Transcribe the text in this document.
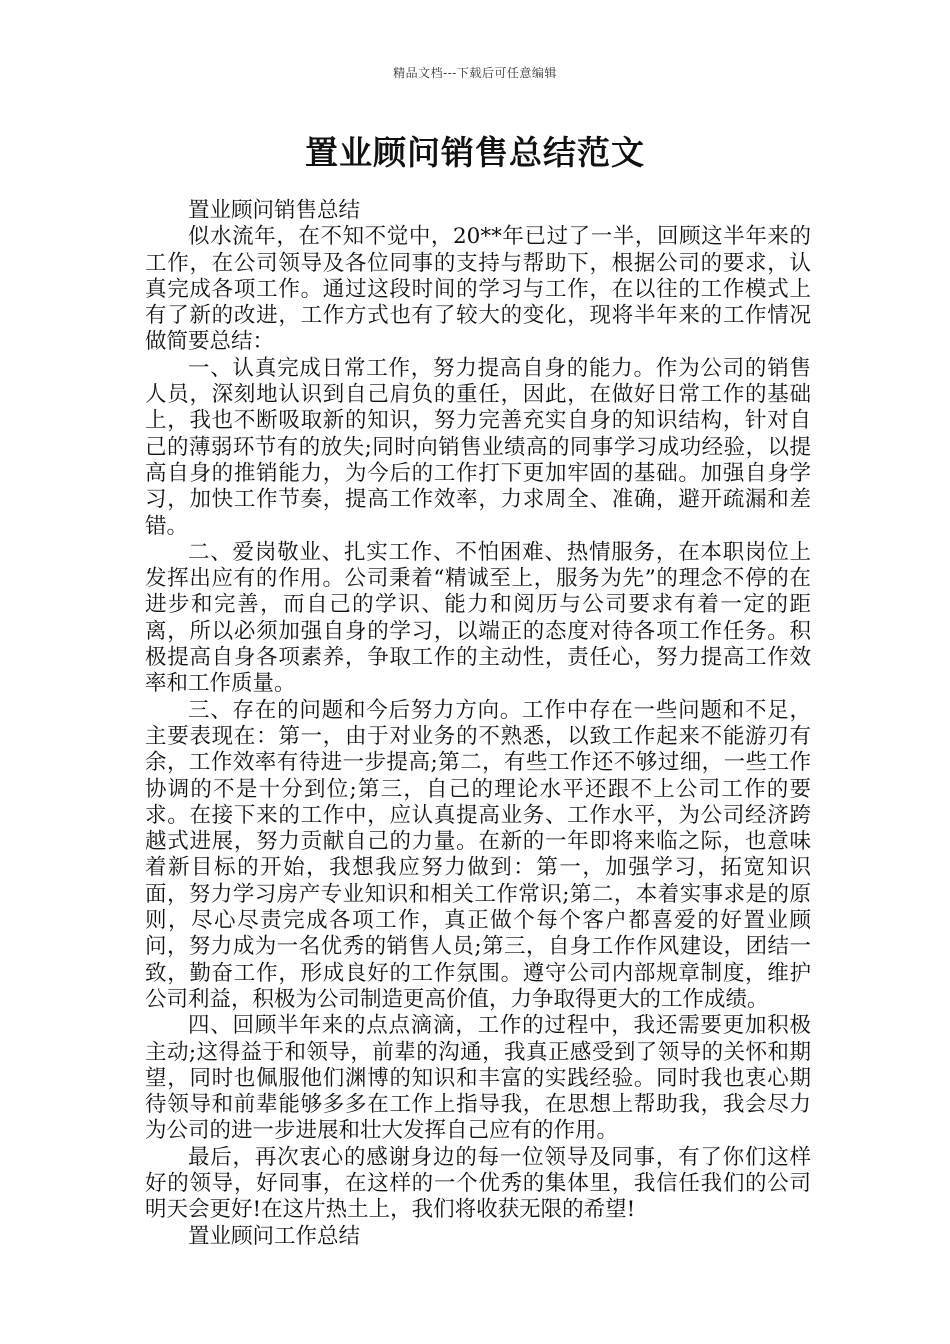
精品文档---下载后可任意编辑
置业顾问销售总结范文

置业顾问销售总结

似水流年，在不知不觉中，20**年已过了一半，回顾这半年来的工作，在公司领导及各位同事的支持与帮助下，根据公司的要求，认真完成各项工作。通过这段时间的学习与工作，在以往的工作模式上有了新的改进，工作方式也有了较大的变化，现将半年来的工作情况做简要总结：

一、认真完成日常工作，努力提高自身的能力。作为公司的销售人员，深刻地认识到自己肩负的重任，因此，在做好日常工作的基础上，我也不断吸取新的知识，努力完善充实自身的知识结构，针对自己的薄弱环节有的放失;同时向销售业绩高的同事学习成功经验，以提高自身的推销能力，为今后的工作打下更加牢固的基础。加强自身学习，加快工作节奏，提高工作效率，力求周全、准确，避开疏漏和差错。

二、爱岗敬业、扎实工作、不怕困难、热情服务，在本职岗位上发挥出应有的作用。公司秉着“精诚至上，服务为先”的理念不停的在进步和完善，而自己的学识、能力和阅历与公司要求有着一定的距离，所以必须加强自身的学习，以端正的态度对待各项工作任务。积极提高自身各项素养，争取工作的主动性，责任心，努力提高工作效率和工作质量。

三、存在的问题和今后努力方向。工作中存在一些问题和不足，主要表现在：第一，由于对业务的不熟悉，以致工作起来不能游刃有余，工作效率有待进一步提高;第二，有些工作还不够过细，一些工作协调的不是十分到位;第三，自己的理论水平还跟不上公司工作的要求。在接下来的工作中，应认真提高业务、工作水平，为公司经济跨越式进展，努力贡献自己的力量。在新的一年即将来临之际，也意味着新目标的开始，我想我应努力做到：第一，加强学习，拓宽知识面，努力学习房产专业知识和相关工作常识;第二，本着实事求是的原则，尽心尽责完成各项工作，真正做个每个客户都喜爱的好置业顾问，努力成为一名优秀的销售人员;第三，自身工作作风建设，团结一致，勤奋工作，形成良好的工作氛围。遵守公司内部规章制度，维护公司利益，积极为公司制造更高价值，力争取得更大的工作成绩。

四、回顾半年来的点点滴滴，工作的过程中，我还需要更加积极主动;这得益于和领导，前辈的沟通，我真正感受到了领导的关怀和期望，同时也佩服他们渊博的知识和丰富的实践经验。同时我也衷心期待领导和前辈能够多多在工作上指导我，在思想上帮助我，我会尽力为公司的进一步进展和壮大发挥自己应有的作用。

最后，再次衷心的感谢身边的每一位领导及同事，有了你们这样好的领导，好同事，在这样的一个优秀的集体里，我信任我们的公司明天会更好!在这片热土上，我们将收获无限的希望!

置业顾问工作总结
